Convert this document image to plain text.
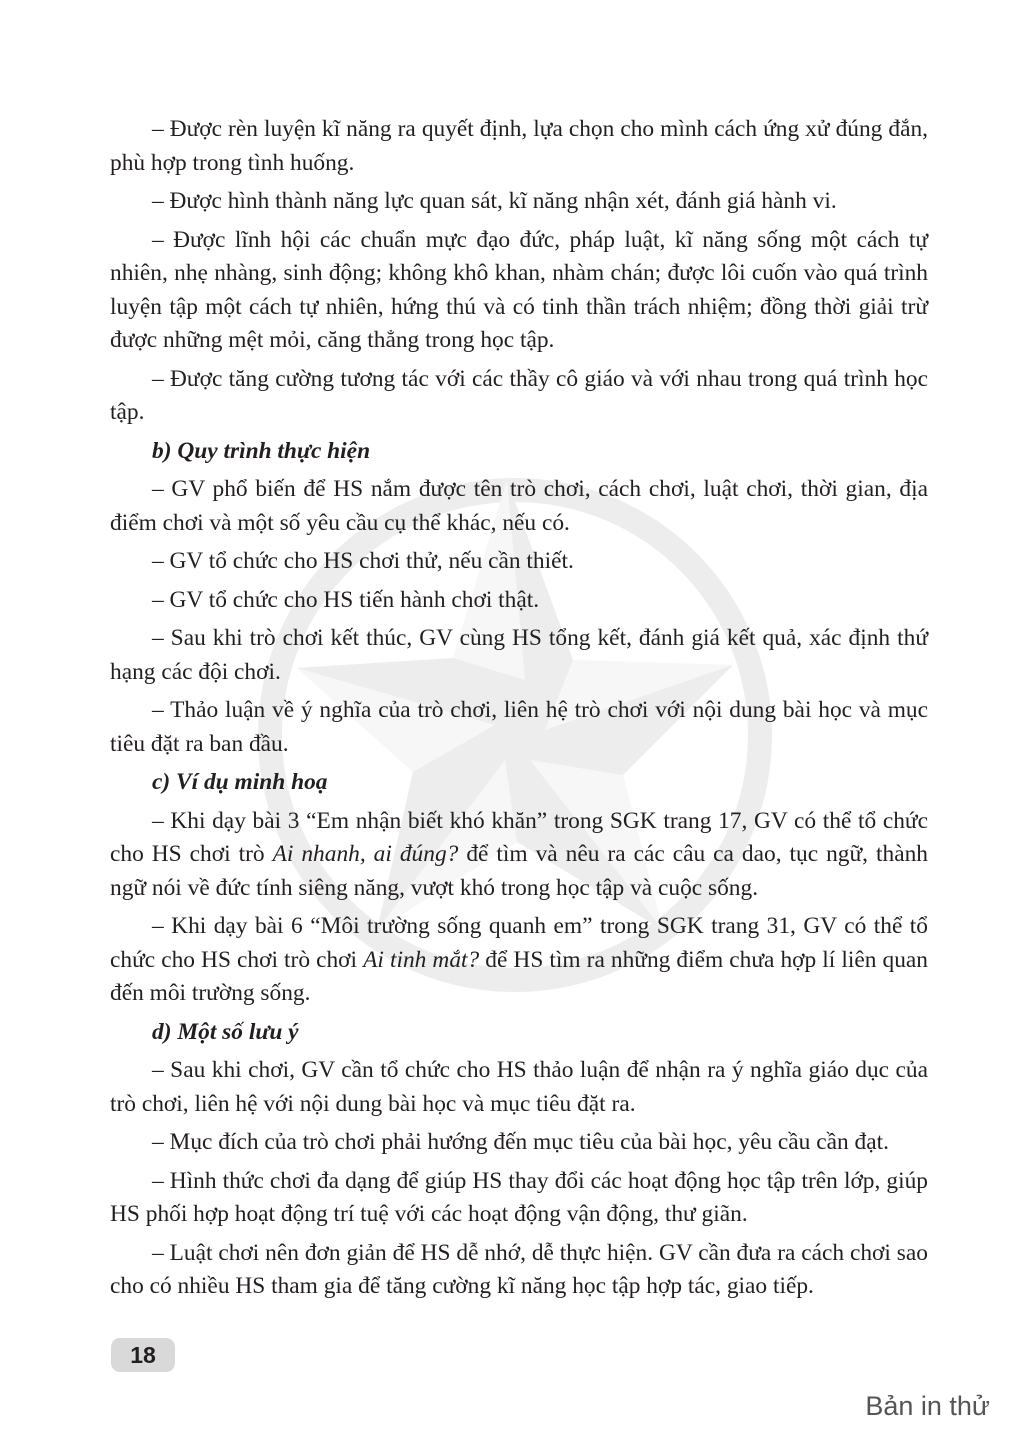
– Được rèn luyện kĩ năng ra quyết định, lựa chọn cho mình cách ứng xử đúng đắn, phù hợp trong tình huống.

– Được hình thành năng lực quan sát, kĩ năng nhận xét, đánh giá hành vi.

– Được lĩnh hội các chuẩn mực đạo đức, pháp luật, kĩ năng sống một cách tự nhiên, nhẹ nhàng, sinh động; không khô khan, nhàm chán; được lôi cuốn vào quá trình luyện tập một cách tự nhiên, hứng thú và có tinh thần trách nhiệm; đồng thời giải trừ được những mệt mỏi, căng thẳng trong học tập.

– Được tăng cường tương tác với các thầy cô giáo và với nhau trong quá trình học tập.

b) Quy trình thực hiện

– GV phổ biến để HS nắm được tên trò chơi, cách chơi, luật chơi, thời gian, địa điểm chơi và một số yêu cầu cụ thể khác, nếu có.

– GV tổ chức cho HS chơi thử, nếu cần thiết.

– GV tổ chức cho HS tiến hành chơi thật.

– Sau khi trò chơi kết thúc, GV cùng HS tổng kết, đánh giá kết quả, xác định thứ hạng các đội chơi.

– Thảo luận về ý nghĩa của trò chơi, liên hệ trò chơi với nội dung bài học và mục tiêu đặt ra ban đầu.

c) Ví dụ minh hoạ

– Khi dạy bài 3 “Em nhận biết khó khăn” trong SGK trang 17, GV có thể tổ chức cho HS chơi trò Ai nhanh, ai đúng? để tìm và nêu ra các câu ca dao, tục ngữ, thành ngữ nói về đức tính siêng năng, vượt khó trong học tập và cuộc sống.

– Khi dạy bài 6 “Môi trường sống quanh em” trong SGK trang 31, GV có thể tổ chức cho HS chơi trò chơi Ai tinh mắt? để HS tìm ra những điểm chưa hợp lí liên quan đến môi trường sống.

d) Một số lưu ý

– Sau khi chơi, GV cần tổ chức cho HS thảo luận để nhận ra ý nghĩa giáo dục của trò chơi, liên hệ với nội dung bài học và mục tiêu đặt ra.

– Mục đích của trò chơi phải hướng đến mục tiêu của bài học, yêu cầu cần đạt.

– Hình thức chơi đa dạng để giúp HS thay đổi các hoạt động học tập trên lớp, giúp HS phối hợp hoạt động trí tuệ với các hoạt động vận động, thư giãn.

– Luật chơi nên đơn giản để HS dễ nhớ, dễ thực hiện. GV cần đưa ra cách chơi sao cho có nhiều HS tham gia để tăng cường kĩ năng học tập hợp tác, giao tiếp.

18
Bản in thử
